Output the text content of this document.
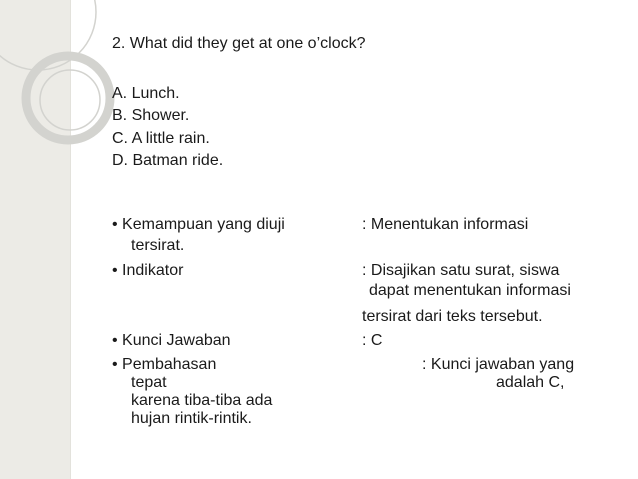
2. What did they get at one o’clock?
A. Lunch.
B. Shower.
C. A little rain.
D. Batman ride.
• Kemampuan yang diuji	: Menentukan informasi
tersirat.
• Indikator	: Disajikan satu surat, siswa
dapat menentukan informasi
tersirat dari teks tersebut.
• Kunci Jawaban	: C
• Pembahasan	: Kunci jawaban yang
tepat	adalah C,
karena tiba-tiba ada
hujan rintik-rintik.
